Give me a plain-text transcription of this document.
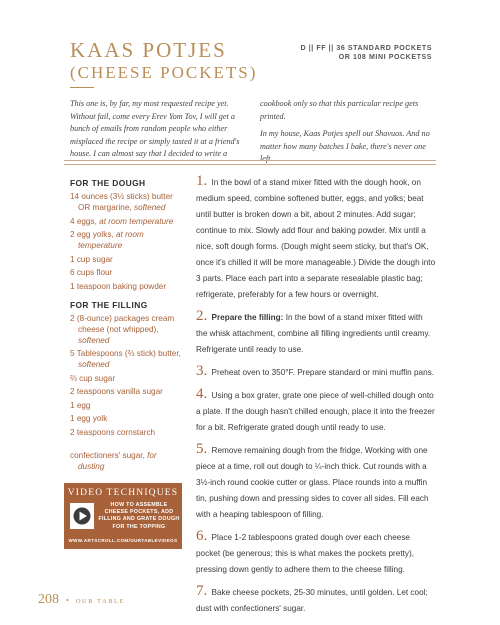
KAAS POTJES
(CHEESE POCKETS)
D || FF || 36 STANDARD POCKETS
OR 108 MINI POCKETSS

This one is, by far, my most requested recipe yet. Without fail, come every Erev Yom Tov, I will get a bunch of emails from random people who either misplaced the recipe or simply tasted it at a friend's house. I can almost say that I decided to write a

cookbook only so that this particular recipe gets printed.

In my house, Kaas Potjes spell out Shavuos. And no matter how many batches I bake, there's never one left.

FOR THE DOUGH
14 ounces (3½ sticks) butter OR margarine, softened
4 eggs, at room temperature
2 egg yolks, at room temperature
1 cup sugar
6 cups flour
1 teaspoon baking powder
FOR THE FILLING
2 (8-ounce) packages cream cheese (not whipped), softened
5 Tablespoons (⅔ stick) butter, softened
⅔ cup sugar
2 teaspoons vanilla sugar
1 egg
1 egg yolk
2 teaspoons cornstarch
confectioners' sugar, for dusting
VIDEO TECHNIQUES
HOW TO ASSEMBLE CHEESE POCKETS, ADD FILLING AND GRATE DOUGH FOR THE TOPPING
WWW.ARTSCROLL.COM/OURTABLEVIDEOS

1. In the bowl of a stand mixer fitted with the dough hook, on medium speed, combine softened butter, eggs, and yolks; beat until butter is broken down a bit, about 2 minutes. Add sugar; continue to mix. Slowly add flour and baking powder. Mix until a nice, soft dough forms. (Dough might seem sticky, but that's OK, once it's chilled it will be more manageable.) Divide the dough into 3 parts. Place each part into a separate resealable plastic bag; refrigerate, preferably for a few hours or overnight.

2. Prepare the filling: In the bowl of a stand mixer fitted with the whisk attachment, combine all filling ingredients until creamy. Refrigerate until ready to use.

3. Preheat oven to 350°F. Prepare standard or mini muffin pans.

4. Using a box grater, grate one piece of well-chilled dough onto a plate. If the dough hasn't chilled enough, place it into the freezer for a bit. Refrigerate grated dough until ready to use.

5. Remove remaining dough from the fridge. Working with one piece at a time, roll out dough to ¼-inch thick. Cut rounds with a 3½-inch round cookie cutter or glass. Place rounds into a muffin tin, pushing down and pressing sides to cover all sides. Fill each with a heaping tablespoon of filling.

6. Place 1-2 tablespoons grated dough over each cheese pocket (be generous; this is what makes the pockets pretty), pressing down gently to adhere them to the cheese filling.

7. Bake cheese pockets, 25-30 minutes, until golden. Let cool; dust with confectioners' sugar.

208 • OUR TABLE
